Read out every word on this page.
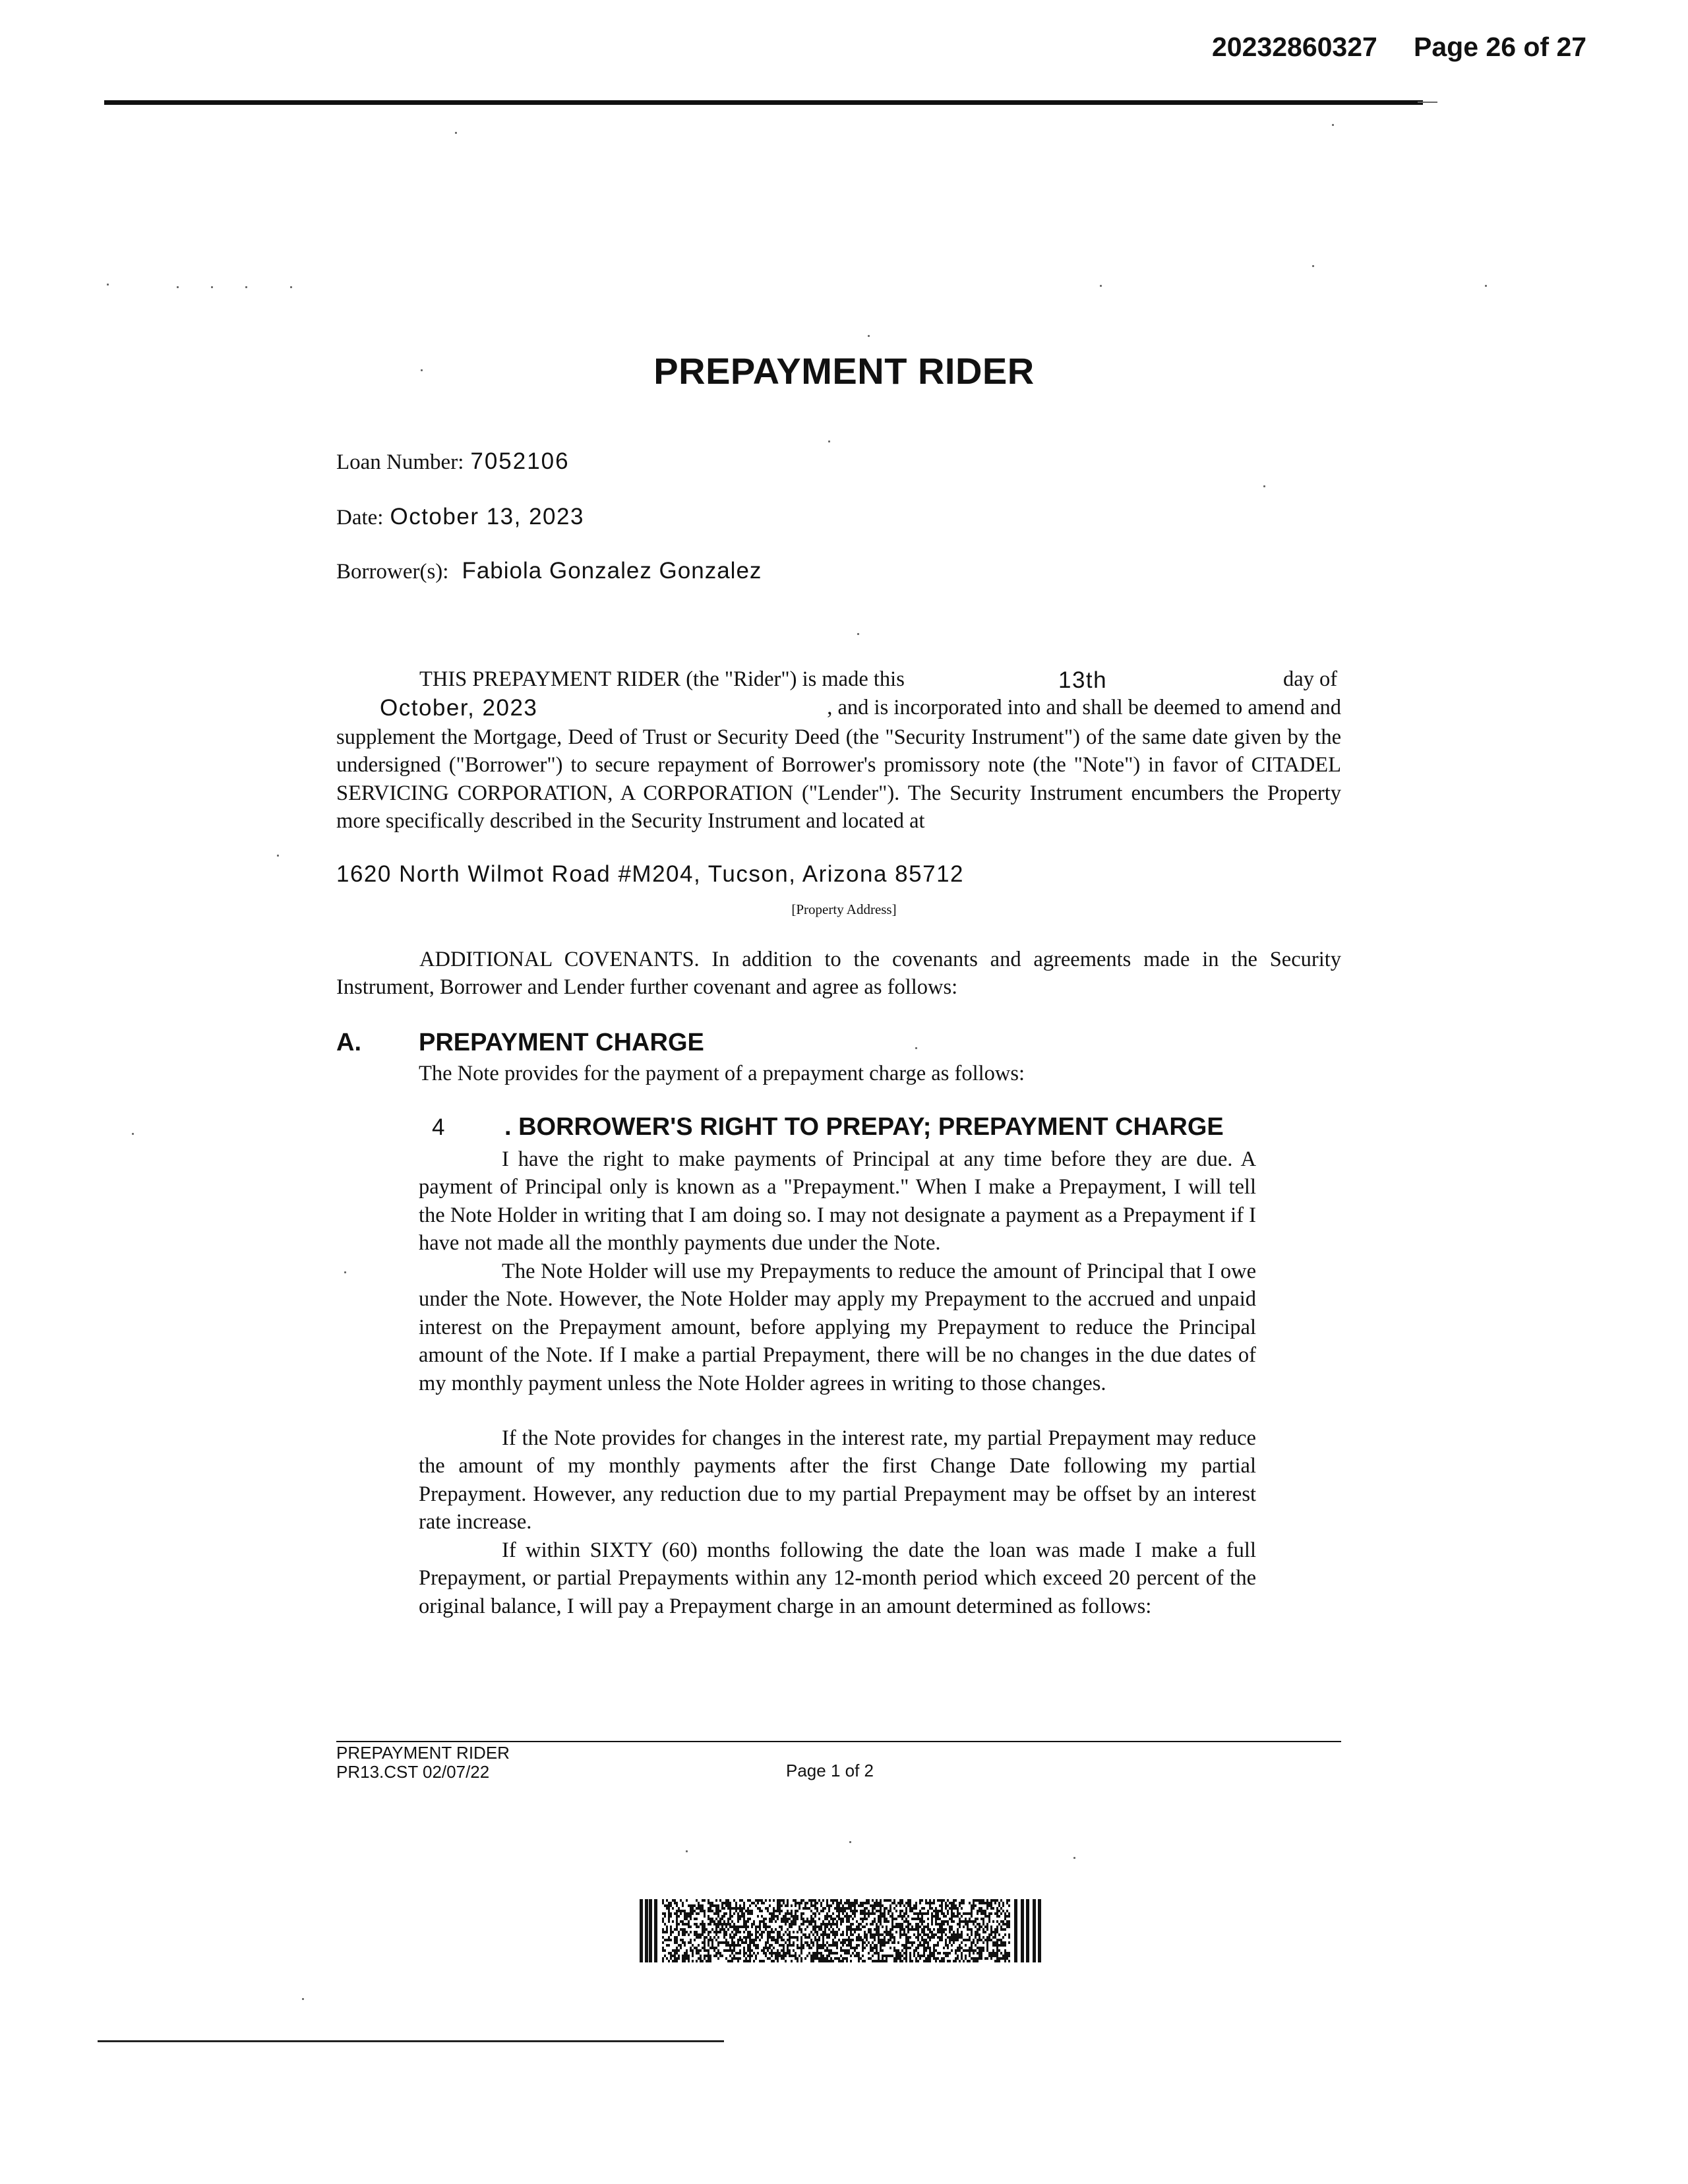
20232860327 Page 26 of 27
PREPAYMENT RIDER
Loan Number: 7052106
Date: October 13, 2023
Borrower(s): Fabiola Gonzalez Gonzalez
THIS PREPAYMENT RIDER (the "Rider") is made this	13th	day of
October, 2023	, and is incorporated into and shall be deemed to amend and
supplement the Mortgage, Deed of Trust or Security Deed (the "Security Instrument") of the same date given by the undersigned ("Borrower") to secure repayment of Borrower's promissory note (the "Note") in favor of CITADEL SERVICING CORPORATION, A CORPORATION ("Lender"). The Security Instrument encumbers the Property more specifically described in the Security Instrument and located at
1620 North Wilmot Road #M204, Tucson, Arizona 85712
[Property Address]
ADDITIONAL COVENANTS. In addition to the covenants and agreements made in the Security Instrument, Borrower and Lender further covenant and agree as follows:
A. PREPAYMENT CHARGE
The Note provides for the payment of a prepayment charge as follows:
4 . BORROWER'S RIGHT TO PREPAY; PREPAYMENT CHARGE
I have the right to make payments of Principal at any time before they are due. A payment of Principal only is known as a "Prepayment." When I make a Prepayment, I will tell the Note Holder in writing that I am doing so. I may not designate a payment as a Prepayment if I have not made all the monthly payments due under the Note.
The Note Holder will use my Prepayments to reduce the amount of Principal that I owe under the Note. However, the Note Holder may apply my Prepayment to the accrued and unpaid interest on the Prepayment amount, before applying my Prepayment to reduce the Principal amount of the Note. If I make a partial Prepayment, there will be no changes in the due dates of my monthly payment unless the Note Holder agrees in writing to those changes.
If the Note provides for changes in the interest rate, my partial Prepayment may reduce the amount of my monthly payments after the first Change Date following my partial Prepayment. However, any reduction due to my partial Prepayment may be offset by an interest rate increase.
If within SIXTY (60) months following the date the loan was made I make a full Prepayment, or partial Prepayments within any 12-month period which exceed 20 percent of the original balance, I will pay a Prepayment charge in an amount determined as follows:
PREPAYMENT RIDER
PR13.CST 02/07/22	Page 1 of 2
